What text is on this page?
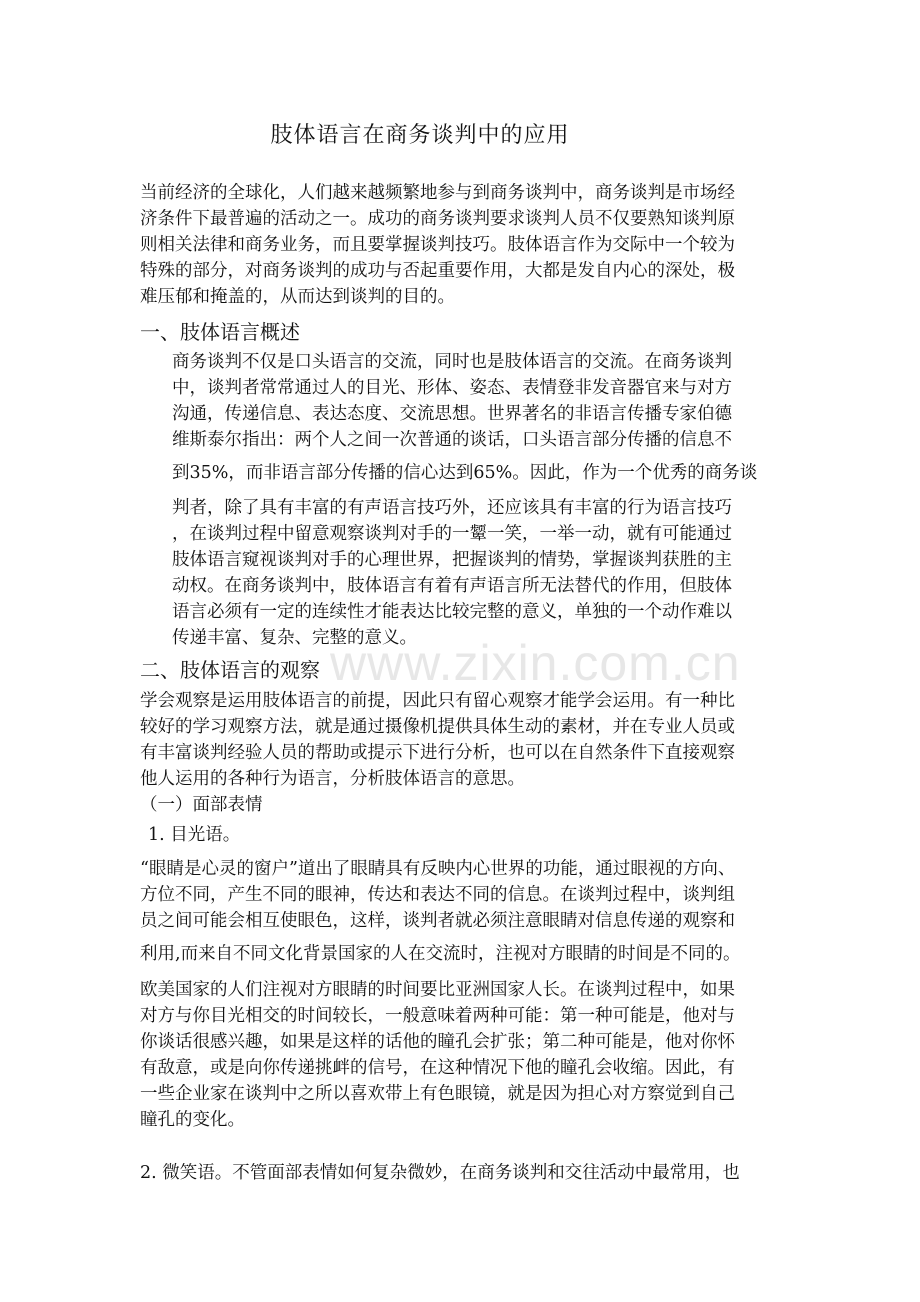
肢体语言在商务谈判中的应用
当前经济的全球化，人们越来越频繁地参与到商务谈判中，商务谈判是市场经
济条件下最普遍的活动之一。成功的商务谈判要求谈判人员不仅要熟知谈判原
则相关法律和商务业务，而且要掌握谈判技巧。肢体语言作为交际中一个较为
特殊的部分，对商务谈判的成功与否起重要作用，大都是发自内心的深处，极
难压郁和掩盖的，从而达到谈判的目的。
一、肢体语言概述
商务谈判不仅是口头语言的交流，同时也是肢体语言的交流。在商务谈判
中，谈判者常常通过人的目光、形体、姿态、表情登非发音器官来与对方
沟通，传递信息、表达态度、交流思想。世界著名的非语言传播专家伯德
维斯泰尔指出：两个人之间一次普通的谈话，口头语言部分传播的信息不
到35%，而非语言部分传播的信心达到65%。因此，作为一个优秀的商务谈
判者，除了具有丰富的有声语言技巧外，还应该具有丰富的行为语言技巧
，在谈判过程中留意观察谈判对手的一颦一笑，一举一动，就有可能通过
肢体语言窥视谈判对手的心理世界，把握谈判的情势，掌握谈判获胜的主
动权。在商务谈判中，肢体语言有着有声语言所无法替代的作用，但肢体
语言必须有一定的连续性才能表达比较完整的意义，单独的一个动作难以
传递丰富、复杂、完整的意义。
二、肢体语言的观察
学会观察是运用肢体语言的前提，因此只有留心观察才能学会运用。有一种比
较好的学习观察方法，就是通过摄像机提供具体生动的素材，并在专业人员或
有丰富谈判经验人员的帮助或提示下进行分析，也可以在自然条件下直接观察
他人运用的各种行为语言，分析肢体语言的意思。
（一）面部表情
1. 目光语。
“眼睛是心灵的窗户”道出了眼睛具有反映内心世界的功能，通过眼视的方向、
方位不同，产生不同的眼神，传达和表达不同的信息。在谈判过程中，谈判组
员之间可能会相互使眼色，这样，谈判者就必须注意眼睛对信息传递的观察和
利用,而来自不同文化背景国家的人在交流时，注视对方眼睛的时间是不同的。
欧美国家的人们注视对方眼睛的时间要比亚洲国家人长。在谈判过程中，如果
对方与你目光相交的时间较长，一般意味着两种可能：第一种可能是，他对与
你谈话很感兴趣，如果是这样的话他的瞳孔会扩张；第二种可能是，他对你怀
有敌意，或是向你传递挑衅的信号，在这种情况下他的瞳孔会收缩。因此，有
一些企业家在谈判中之所以喜欢带上有色眼镜，就是因为担心对方察觉到自己
瞳孔的变化。
2. 微笑语。不管面部表情如何复杂微妙，在商务谈判和交往活动中最常用，也
www.zixin.com.cn
